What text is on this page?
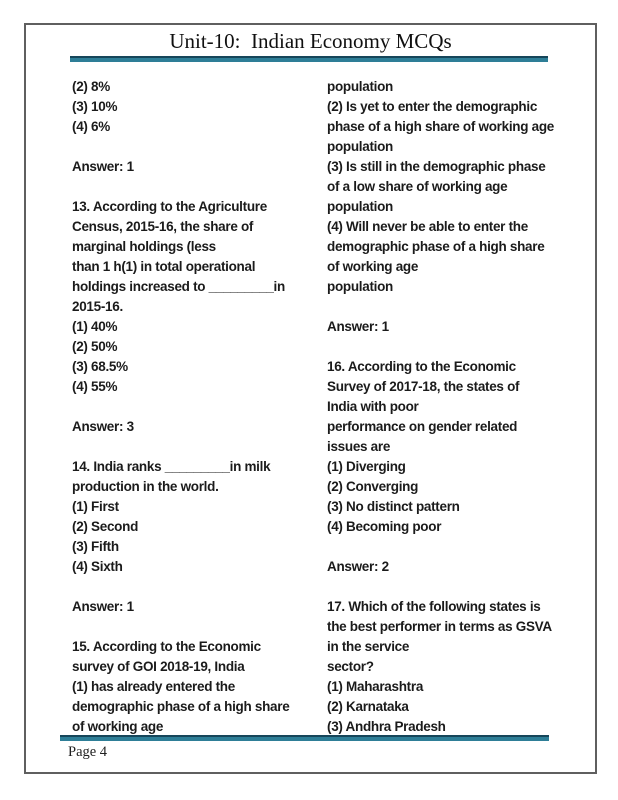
Unit-10:  Indian Economy MCQs
(2) 8%
(3) 10%
(4) 6%
Answer: 1
13. According to the Agriculture
Census, 2015-16, the share of
marginal holdings (less
than 1 h(1) in total operational
holdings increased to _________in
2015-16.
(1) 40%
(2) 50%
(3) 68.5%
(4) 55%
Answer: 3
14. India ranks _________in milk
production in the world.
(1) First
(2) Second
(3) Fifth
(4) Sixth
Answer: 1
15. According to the Economic
survey of GOI 2018-19, India
(1) has already entered the
demographic phase of a high share
of working age
population
(2) Is yet to enter the demographic
phase of a high share of working age
population
(3) Is still in the demographic phase
of a low share of working age
population
(4) Will never be able to enter the
demographic phase of a high share
of working age
population
Answer: 1
16. According to the Economic
Survey of 2017-18, the states of
India with poor
performance on gender related
issues are
(1) Diverging
(2) Converging
(3) No distinct pattern
(4) Becoming poor
Answer: 2
17. Which of the following states is
the best performer in terms as GSVA
in the service
sector?
(1) Maharashtra
(2) Karnataka
(3) Andhra Pradesh
Page 4
